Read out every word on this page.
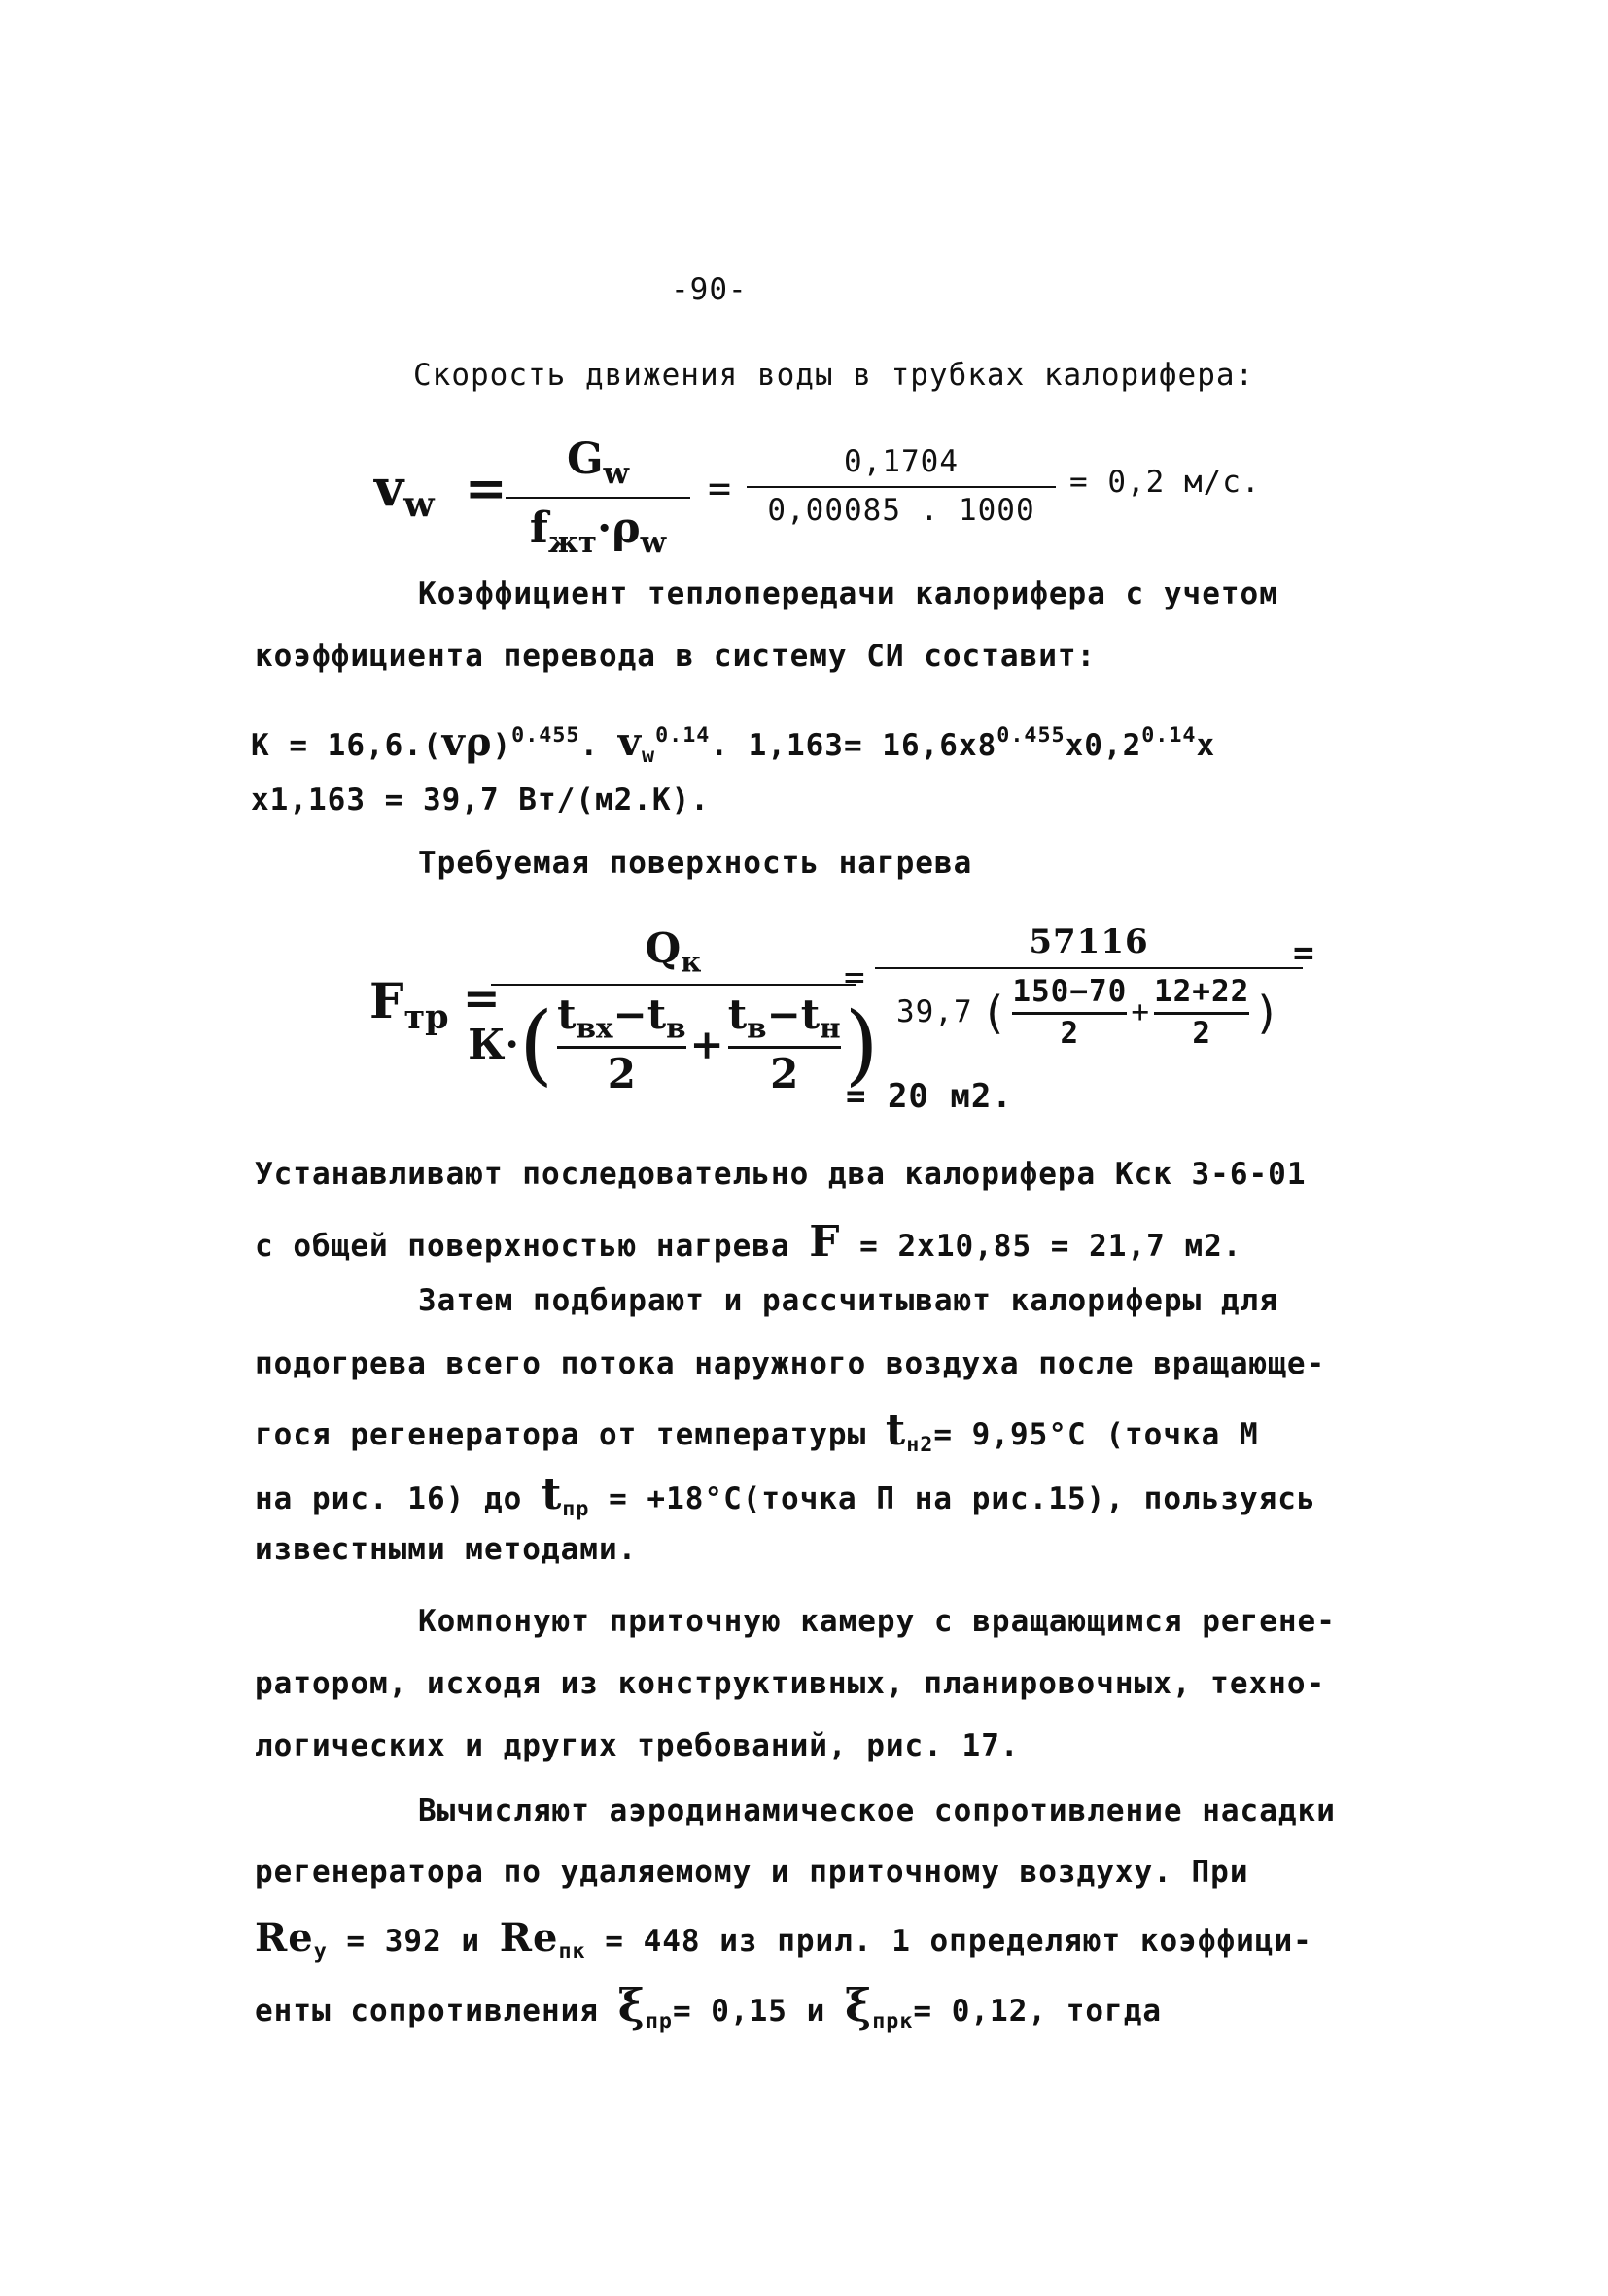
-90-
Скорость движения воды в трубках калорифера:
$v_w = G_w$
$f_{жт}\cdot\rho_w$
=
0,1704
0,00085 . 1000
= 0,2 м/с.
Коэффициент теплопередачи калорифера с учетом
коэффициента перевода в систему СИ составит:
$К = 16,6.(v\rho)^{0.455}$. $v_w^{0.14}$. $1,163= 16,6х8^{0.455}х0,2^{0.14}х$
х1,163 = 39,7 Вт/(м2.К).
Требуемая поверхность нагрева
$F_{тр}$ =
$Q_к$
К· ( $t_{вх}-t_в$
2
+
$t_в-t_н$
2 )
=
57116
39,7 ( 150−70
2
+
12+22
2 )
=
= 20 м2.
Устанавливают последовательно два калорифера Кск 3-6-01
с общей поверхностью нагрева F = 2х10,85 = 21,7 м2.
Затем подбирают и рассчитывают калориферы для
подогрева всего потока наружного воздуха после вращающе-
гося регенератора от температуры $t_{н2}= 9,95^\circ С$ (точка М
на рис. 16) до $t_{пр}$ = +18°С(точка П на рис.15), пользуясь
известными методами.
Компонуют приточную камеру с вращающимся регене-
ратором, исходя из конструктивных, планировочных, техно-
логических и других требований, рис. 17.
Вычисляют аэродинамическое сопротивление насадки
регенератора по удаляемому и приточному воздуху. При
$Re_у = 392$ и $Re_{пк} = 448$ из прил. 1 определяют коэффици-
енты сопротивления $\xi_{пр}= 0,15$ и $\xi_{прк}= 0,12$, тогда
